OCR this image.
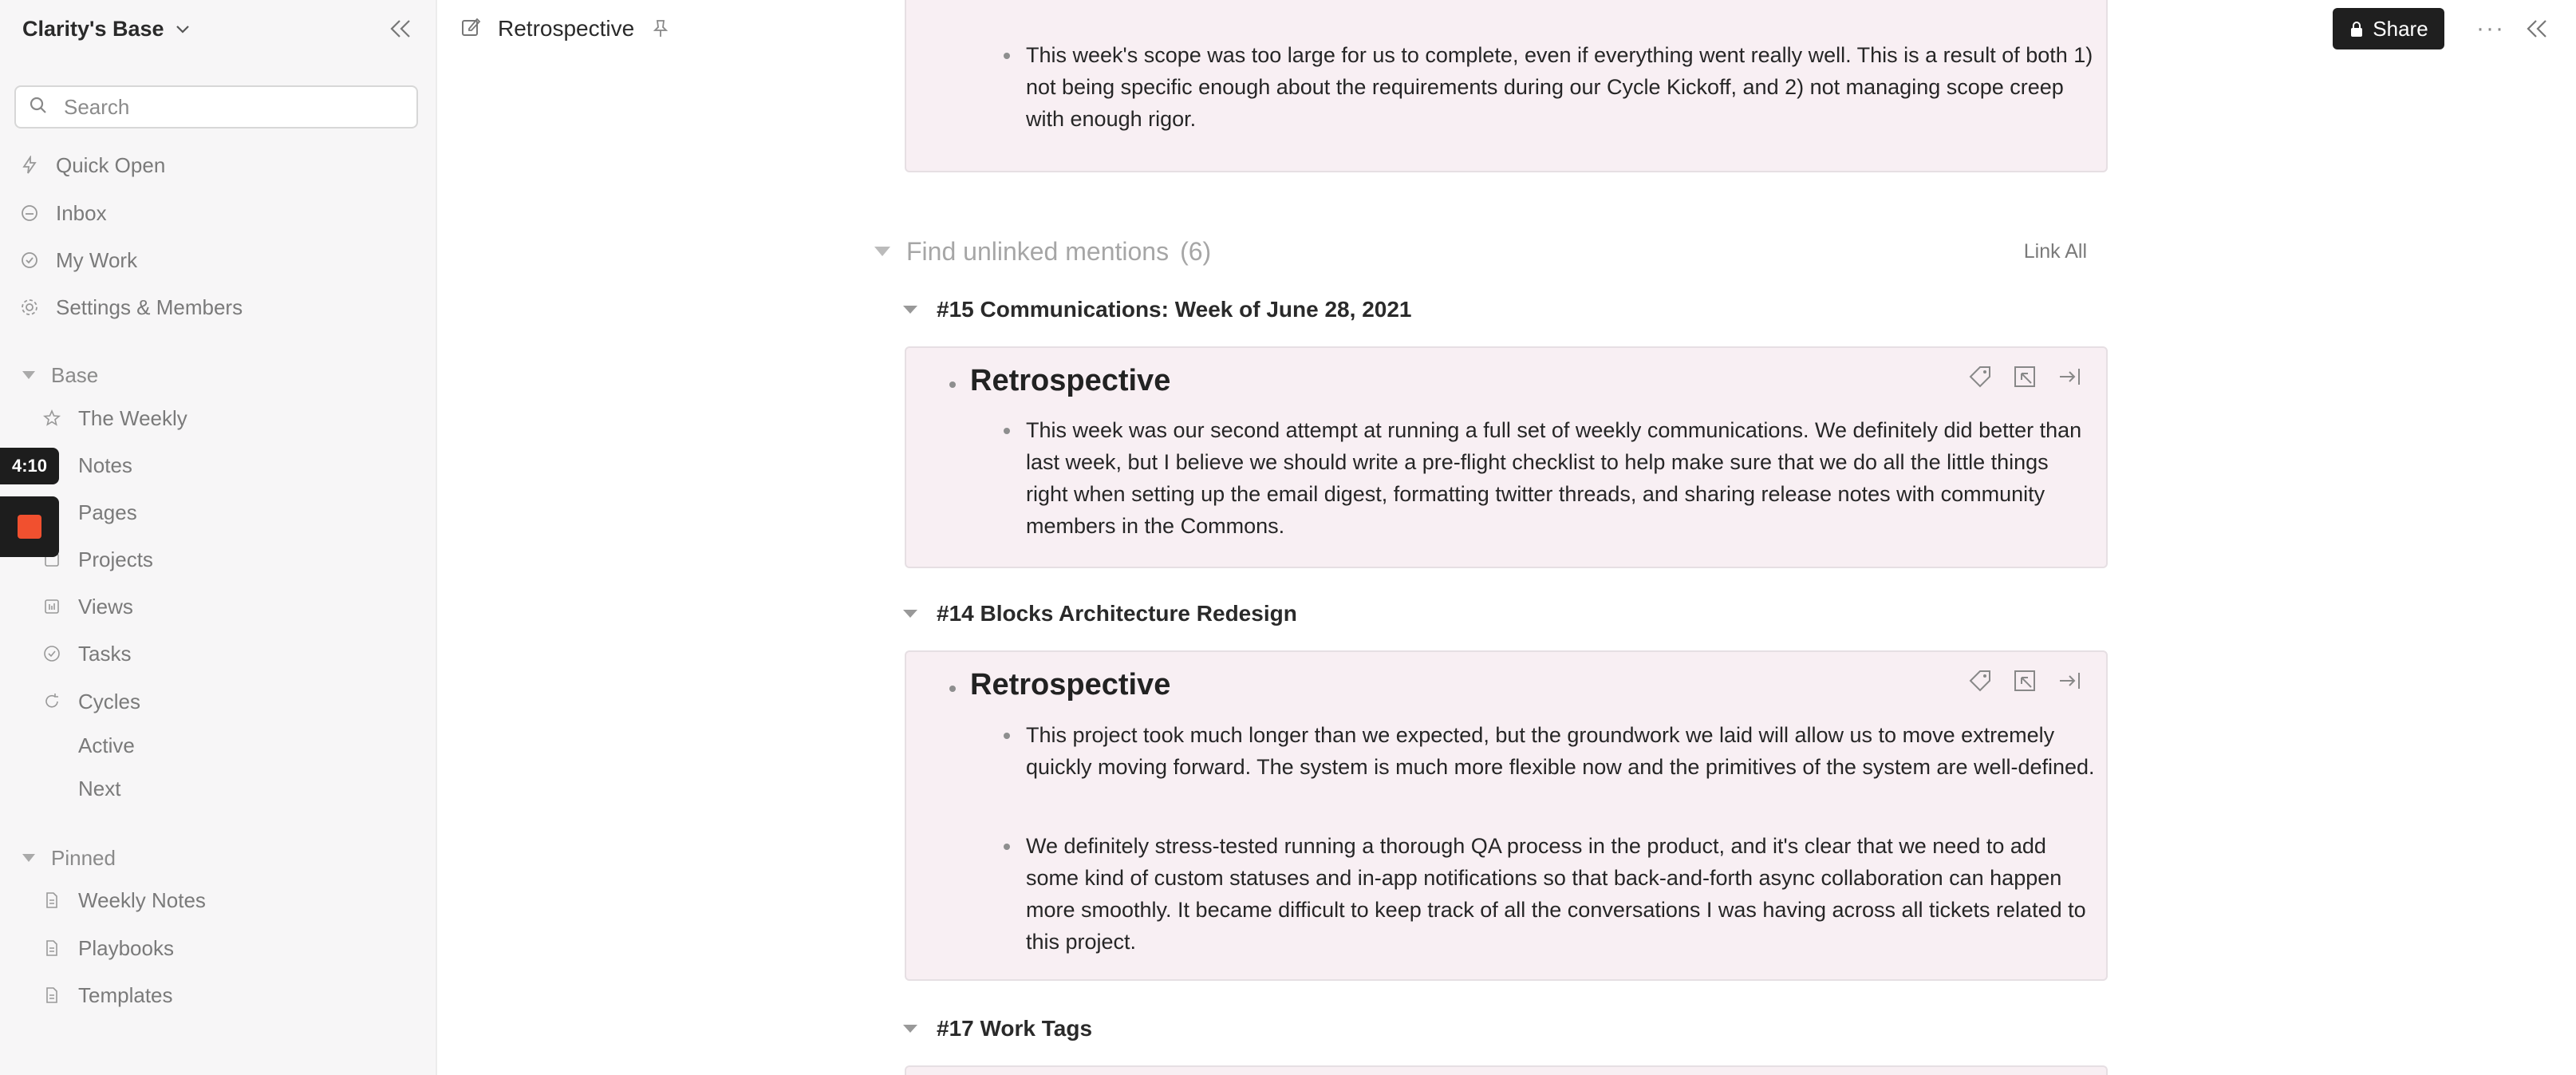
Clarity's Base
Search
Quick Open
Inbox
My Work
Settings & Members
Base
The Weekly
Notes
Pages
Projects
Views
Tasks
Cycles
Active
Next
Pinned
Weekly Notes
Playbooks
Templates
4:10
Retrospective	Share	···
This week's scope was too large for us to complete, even if everything went really well. This is a result of both 1) not being specific enough about the requirements during our Cycle Kickoff, and 2) not managing scope creep with enough rigor.
Find unlinked mentions (6)	Link All
#15 Communications: Week of June 28, 2021
Retrospective
This week was our second attempt at running a full set of weekly communications. We definitely did better than last week, but I believe we should write a pre-flight checklist to help make sure that we do all the little things right when setting up the email digest, formatting twitter threads, and sharing release notes with community members in the Commons.
#14 Blocks Architecture Redesign
Retrospective
This project took much longer than we expected, but the groundwork we laid will allow us to move extremely quickly moving forward. The system is much more flexible now and the primitives of the system are well-defined.
We definitely stress-tested running a thorough QA process in the product, and it's clear that we need to add some kind of custom statuses and in-app notifications so that back-and-forth async collaboration can happen more smoothly. It became difficult to keep track of all the conversations I was having across all tickets related to this project.
#17 Work Tags
